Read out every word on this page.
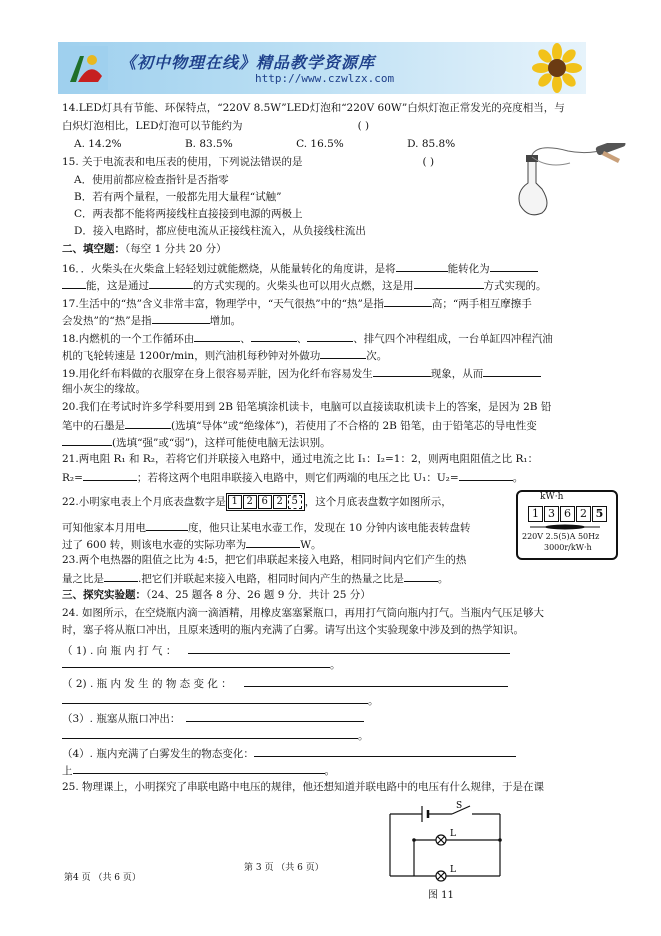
《初中物理在线》精品教学资源库
http://www.czwlzx.com
14.LED灯具有节能、环保特点，“220V 8.5W”LED灯泡和“220V 60W”白炽灯泡正常发光的亮度相当，与
白炽灯泡相比，LED灯泡可以节能约为	( )
A. 14.2%	B. 83.5%	C. 16.5%	D. 85.8%
15. 关于电流表和电压表的使用，下列说法错误的是	( )
A．使用前都应检查指针是否指零
B．若有两个量程，一般都先用大量程“试触”
C．两表都不能将两接线柱直接接到电源的两极上
D．接入电路时，都应使电流从正接线柱流入，从负接线柱流出
二、填空题：（每空 1 分共 20 分）
16．．火柴头在火柴盒上轻轻划过就能燃烧，从能量转化的角度讲，是将	能转化为
能，这是通过	的方式实现的。火柴头也可以用火点燃，这是用	方式实现的。
17.生活中的“热”含义非常丰富，物理学中，“天气很热”中的“热”是指	高；“两手相互摩擦手
会发热”的“热”是指	增加。
18.内燃机的一个工作循环由	、	、	、排气四个冲程组成，一台单缸四冲程汽油
机的飞轮转速是 1200r/min，则汽油机每秒钟对外做功	次。
19.用化纤布料做的衣服穿在身上很容易弄脏，因为化纤布容易发生	现象，从而
细小灰尘的缘故。
20.我们在考试时许多学科要用到 2B 铅笔填涂机读卡，电脑可以直接读取机读卡上的答案，是因为 2B 铅
笔中的石墨是	(选填“导体”或“绝缘体”)，若使用了不合格的 2B 铅笔，由于铅笔芯的导电性变
(选填“强”或“弱”)，这样可能使电脑无法识别。
21.两电阻 R₁ 和 R₂，若将它们并联接入电路中，通过电流之比 I₁：I₂=1：2，则两电阻阻值之比 R₁：
R₂=	；若将这两个电阻串联接入电路中，则它们两端的电压之比 U₁：U₂=	。
22.小明家电表上个月底表盘数字是 1 2 6 2 5 ，这个月底表盘数字如图所示，
可知他家本月用电	度，他只让某电水壶工作，发现在 10 分钟内该电能表转盘转
过了 600 转，则该电水壶的实际功率为	W。
kW·h
1 3 6 2 5
220V 2.5(5)A 50Hz
3000r/kW·h
23.两个电热器的阻值之比为 4:5，把它们串联起来接入电路，相同时间内它们产生的热
量之比是	.把它们并联起来接入电路，相同时间内产生的热量之比是	。
三、探究实验题：（24、25 题各 8 分、26 题 9 分．共计 25 分）
24. 如图所示，在空烧瓶内滴一滴酒精，用橡皮塞塞紧瓶口，再用打气筒向瓶内打气。当瓶内气压足够大
时，塞子将从瓶口冲出，且原来透明的瓶内充满了白雾。请写出这个实验现象中涉及到的热学知识。
（ 1) . 向 瓶 内 打 气 ：
。
（ 2) . 瓶 内 发 生 的 物 态 变 化 ：
。
（3）. 瓶塞从瓶口冲出：
。
（4）. 瓶内充满了白雾发生的物态变化：
上	。
25. 物理课上，小明探究了串联电路中电压的规律，他还想知道并联电路中的电压有什么规律，于是在课
S
L
L
图 11
第4 页 （共 6 页）
第 3 页 （共 6 页）
